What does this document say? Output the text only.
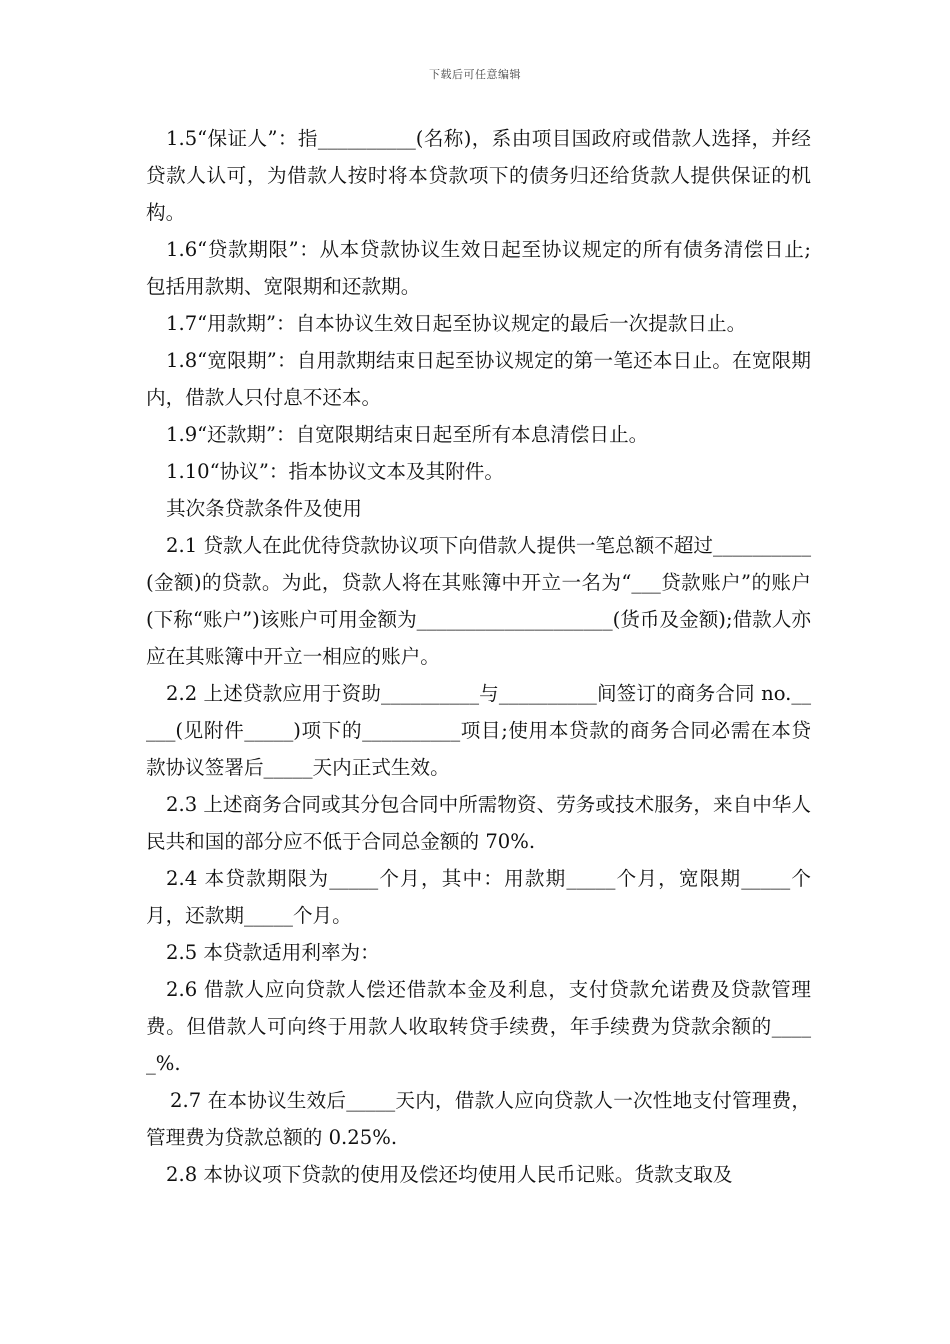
下载后可任意编辑

1.5“保证人”：指__________(名称)，系由项目国政府或借款人选择，并经贷款人认可，为借款人按时将本贷款项下的债务归还给货款人提供保证的机构。

1.6“贷款期限”：从本贷款协议生效日起至协议规定的所有债务清偿日止;包括用款期、宽限期和还款期。

1.7“用款期”：自本协议生效日起至协议规定的最后一次提款日止。

1.8“宽限期”：自用款期结束日起至协议规定的第一笔还本日止。在宽限期内，借款人只付息不还本。

1.9“还款期”：自宽限期结束日起至所有本息清偿日止。

1.10“协议”：指本协议文本及其附件。

其次条贷款条件及使用

2.1 贷款人在此优待贷款协议项下向借款人提供一笔总额不超过__________(金额)的贷款。为此，贷款人将在其账簿中开立一名为“___贷款账户”的账户(下称“账户”)该账户可用金额为____________________(货币及金额);借款人亦应在其账簿中开立一相应的账户。

2.2 上述贷款应用于资助__________与__________间签订的商务合同 no._____(见附件_____)项下的__________项目;使用本贷款的商务合同必需在本贷款协议签署后_____天内正式生效。

2.3 上述商务合同或其分包合同中所需物资、劳务或技术服务，来自中华人民共和国的部分应不低于合同总金额的 70%.

2.4 本贷款期限为_____个月，其中：用款期_____个月，宽限期_____个月，还款期_____个月。

2.5 本贷款适用利率为：

2.6 借款人应向贷款人偿还借款本金及利息，支付贷款允诺费及贷款管理费。但借款人可向终于用款人收取转贷手续费，年手续费为贷款余额的_____%.

2.7 在本协议生效后_____天内，借款人应向贷款人一次性地支付管理费，管理费为贷款总额的 0.25%.

2.8 本协议项下贷款的使用及偿还均使用人民币记账。货款支取及
